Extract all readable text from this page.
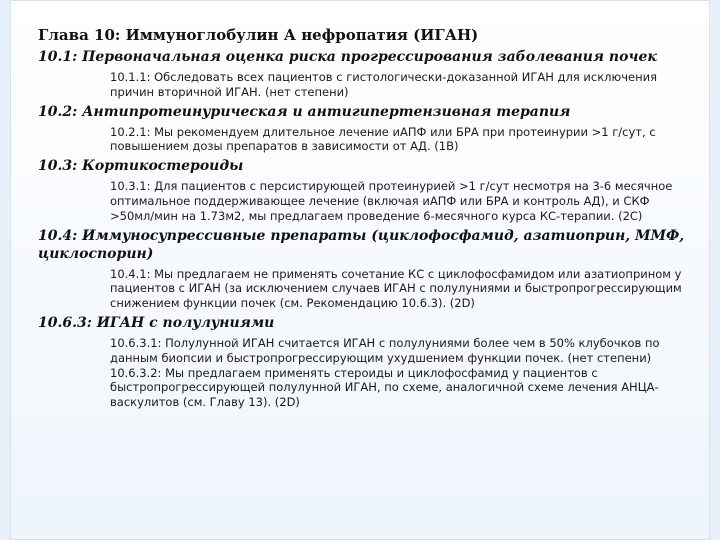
Глава 10: Иммуноглобулин А нефропатия (ИГАН)
10.1: Первоначальная оценка риска прогрессирования заболевания почек
10.1.1: Обследовать всех пациентов с гистологически-доказанной ИГАН для исключения причин вторичной ИГАН. (нет степени)
10.2: Антипротеинурическая и антигипертензивная терапия
10.2.1: Мы рекомендуем длительное лечение иАПФ или БРА при протеинурии >1 г/сут, с повышением дозы препаратов в зависимости от АД. (1В)
10.3: Кортикостероиды
10.3.1: Для пациентов с персистирующей протеинурией >1 г/сут несмотря на 3-6 месячное оптимальное поддерживающее лечение (включая иАПФ или БРА и контроль АД), и СКФ >50мл/мин на 1.73м2, мы предлагаем проведение 6-месячного курса КС-терапии. (2С)
10.4: Иммуносупрессивные препараты (циклофосфамид, азатиоприн, ММФ, циклоспорин)
10.4.1: Мы предлагаем не применять сочетание КС с циклофосфамидом или азатиоприном у пациентов с ИГАН (за исключением случаев ИГАН с полулуниями и быстропрогрессирующим снижением функции почек (см. Рекомендацию 10.6.3). (2D)
10.6.3: ИГАН с полулуниями
10.6.3.1: Полулунной ИГАН считается ИГАН с полулуниями более чем в 50% клубочков по данным биопсии и быстропрогрессирующим ухудшением функции почек. (нет степени)
10.6.3.2: Мы предлагаем применять стероиды и циклофосфамид у пациентов с быстропрогрессирующей полулунной ИГАН, по схеме, аналогичной схеме лечения АНЦА-васкулитов (см. Главу 13). (2D)
